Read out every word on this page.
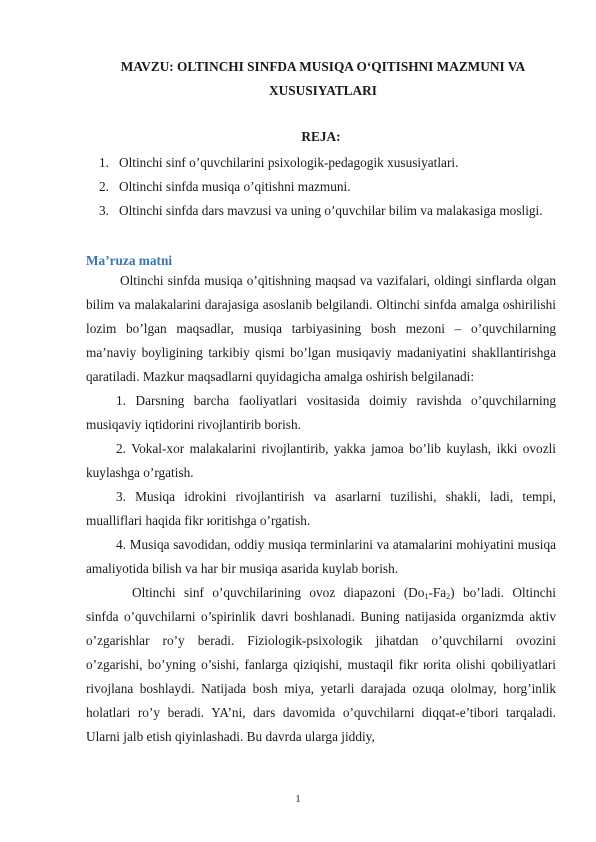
MAVZU: OLTINCHI SINFDA MUSIQA O‘QITISHNI MAZMUNI VA XUSUSIYATLARI
REJA:
1. Oltinchi sinf o’quvchilarini psixologik-pedagogik xususiyatlari.
2. Oltinchi sinfda musiqa o’qitishni mazmuni.
3. Oltinchi sinfda dars mavzusi va uning o’quvchilar bilim va malakasiga mosligi.
Ma’ruza matni

Oltinchi sinfda musiqa o’qitishning maqsad va vazifalari, oldingi sinflarda olgan bilim va malakalarini darajasiga asoslanib belgilandi. Oltinchi sinfda amalga oshirilishi lozim bo’lgan maqsadlar, musiqa tarbiyasining bosh mezoni – o’quvchilarning ma’naviy boyligining tarkibiy qismi bo’lgan musiqaviy madaniyatini shakllantirishga qaratiladi. Mazkur maqsadlarni quyidagicha amalga oshirish belgilanadi:

1. Darsning barcha faoliyatlari vositasida doimiy ravishda o’quvchilarning musiqaviy iqtidorini rivojlantirib borish.

2. Vokal-xor malakalarini rivojlantirib, yakka jamoa bo’lib kuylash, ikki ovozli kuylashga o’rgatish.

3. Musiqa idrokini rivojlantirish va asarlarni tuzilishi, shakli, ladi, tempi, mualliflari haqida fikr юritishga o’rgatish.

4. Musiqa savodidan, oddiy musiqa terminlarini va atamalarini mohiyatini musiqa amaliyotida bilish va har bir musiqa asarida kuylab borish.

Oltinchi sinf o’quvchilarining ovoz diapazoni $(Do_1-Fa_2)$ bo’ladi. Oltinchi sinfda o’quvchilarni o’spirinlik davri boshlanadi. Buning natijasida organizmda aktiv o’zgarishlar ro’y beradi. Fiziologik-psixologik jihatdan o’quvchilarni ovozini o’zgarishi, bo’yning o’sishi, fanlarga qiziqishi, mustaqil fikr юrita olishi qobiliyatlari rivojlana boshlaydi. Natijada bosh miya, yetarli darajada ozuqa ololmay, horg’inlik holatlari ro’y beradi. YA’ni, dars davomida o’quvchilarni diqqat-e’tibori tarqaladi. Ularni jalb etish qiyinlashadi. Bu davrda ularga jiddiy,

1
